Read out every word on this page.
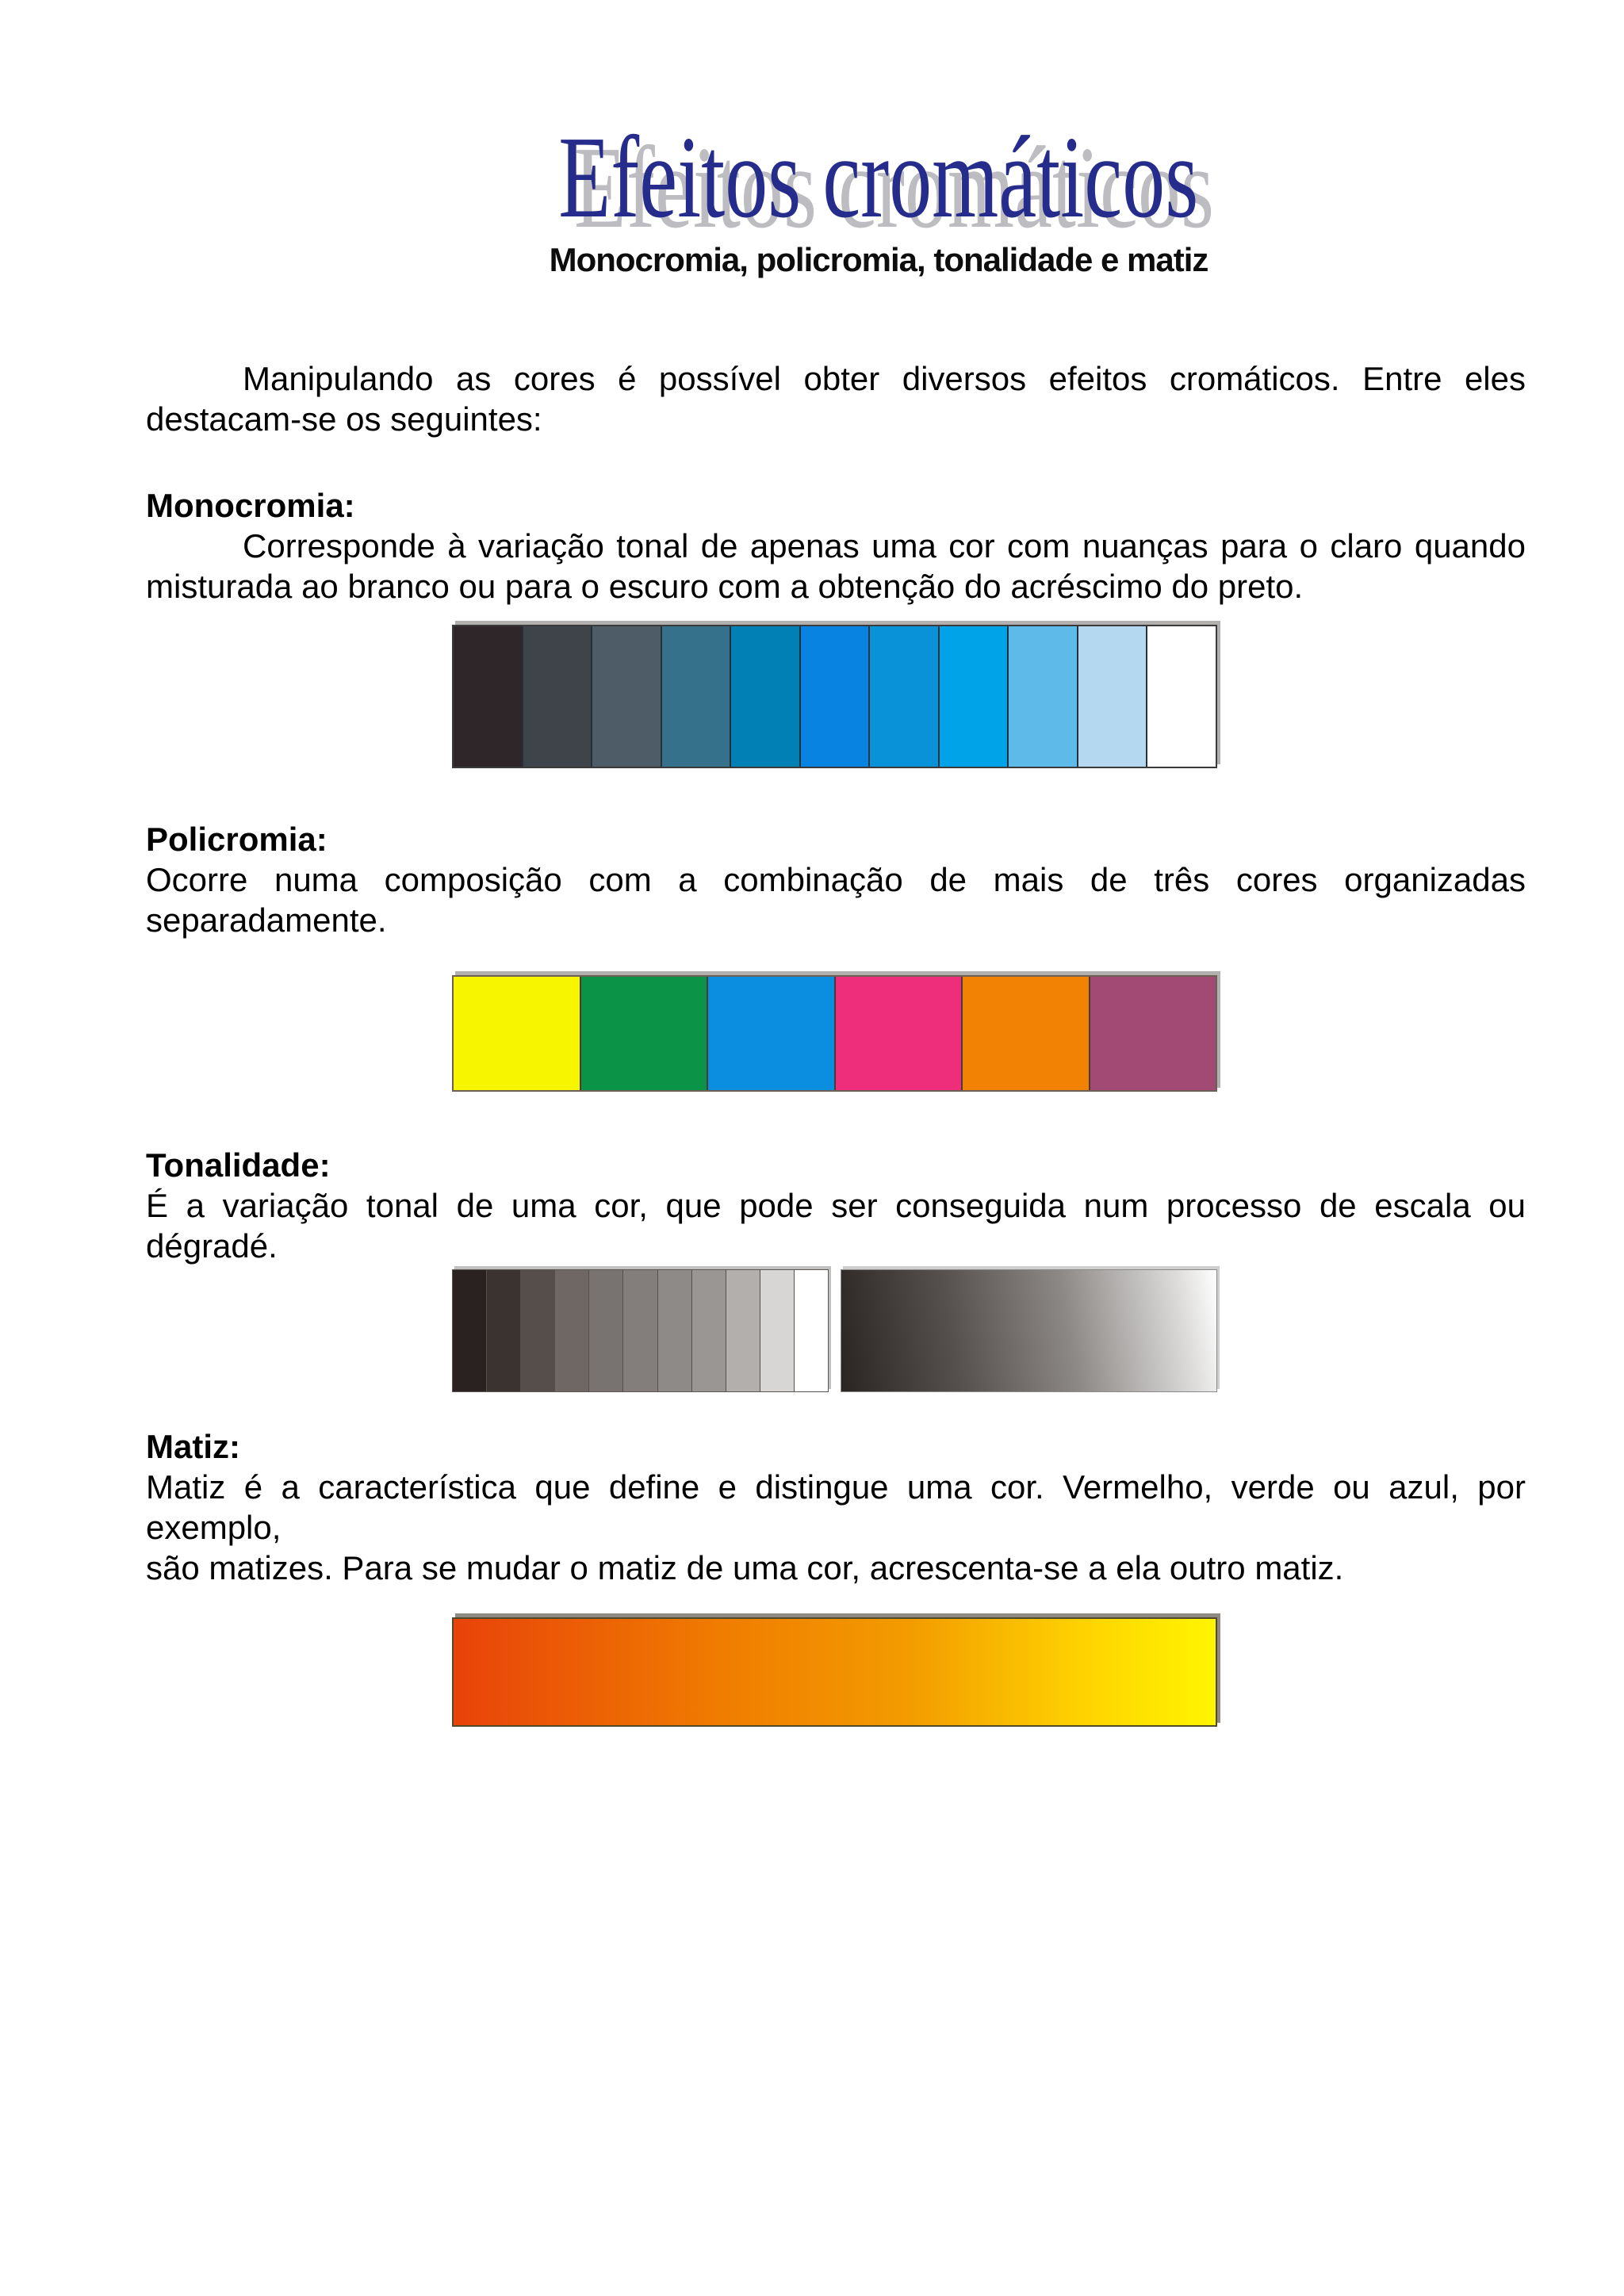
Efeitos cromáticos
Monocromia, policromia, tonalidade e matiz
Manipulando as cores é possível obter diversos efeitos cromáticos. Entre eles
destacam-se os seguintes:
Monocromia:
Corresponde à variação tonal de apenas uma cor com nuanças para o claro quando
misturada ao branco ou para o escuro com a obtenção do acréscimo do preto.
Policromia:
Ocorre numa composição com a combinação de mais de três cores organizadas
separadamente.
Tonalidade:
É a variação tonal de uma cor, que pode ser conseguida num processo de escala ou dégradé.
Matiz:
Matiz é a característica que define e distingue uma cor. Vermelho, verde ou azul, por exemplo,
são matizes. Para se mudar o matiz de uma cor, acrescenta-se a ela outro matiz.
